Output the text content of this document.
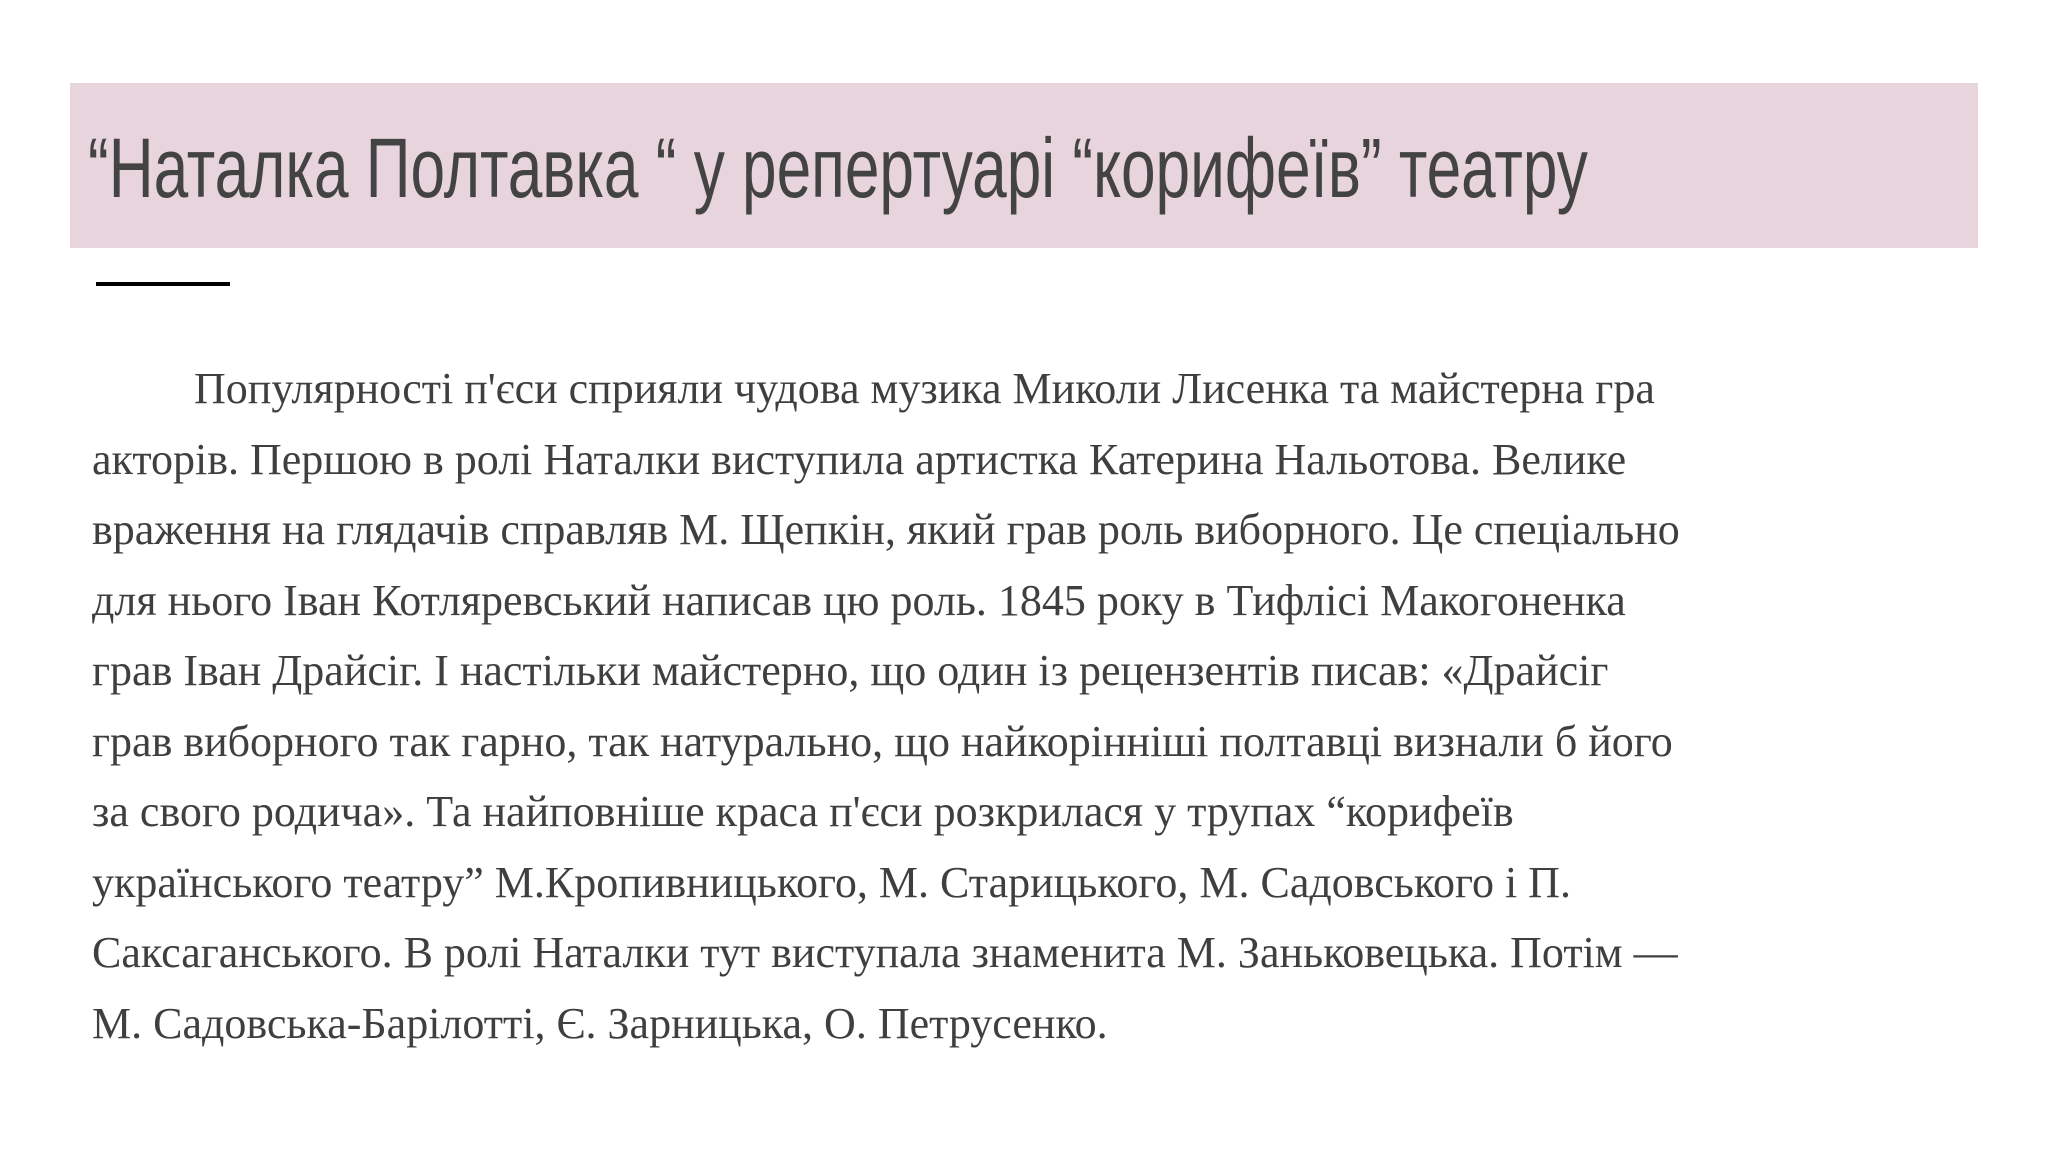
“Наталка Полтавка “ у репертуарі “корифеїв” театру
Популярності п'єси сприяли чудова музика Миколи Лисенка та майстерна гра
акторів. Першою в ролі Наталки виступила артистка Катерина Нальотова. Велике
враження на глядачів справляв М. Щепкін, який грав роль виборного. Це спеціально
для нього Іван Котляревський написав цю роль. 1845 року в Тифлісі Макогоненка
грав Іван Драйсіг. І настільки майстерно, що один із рецензентів писав: «Драйсіг
грав виборного так гарно, так натурально, що найкорінніші полтавці визнали б його
за свого родича». Та найповніше краса п'єси розкрилася у трупах “корифеїв
українського театру” М.Кропивницького, М. Старицького, М. Садовського і П.
Саксаганського. В ролі Наталки тут виступала знаменита М. Заньковецька. Потім —
М. Садовська-Барілотті, Є. Зарницька, О. Петрусенко.
